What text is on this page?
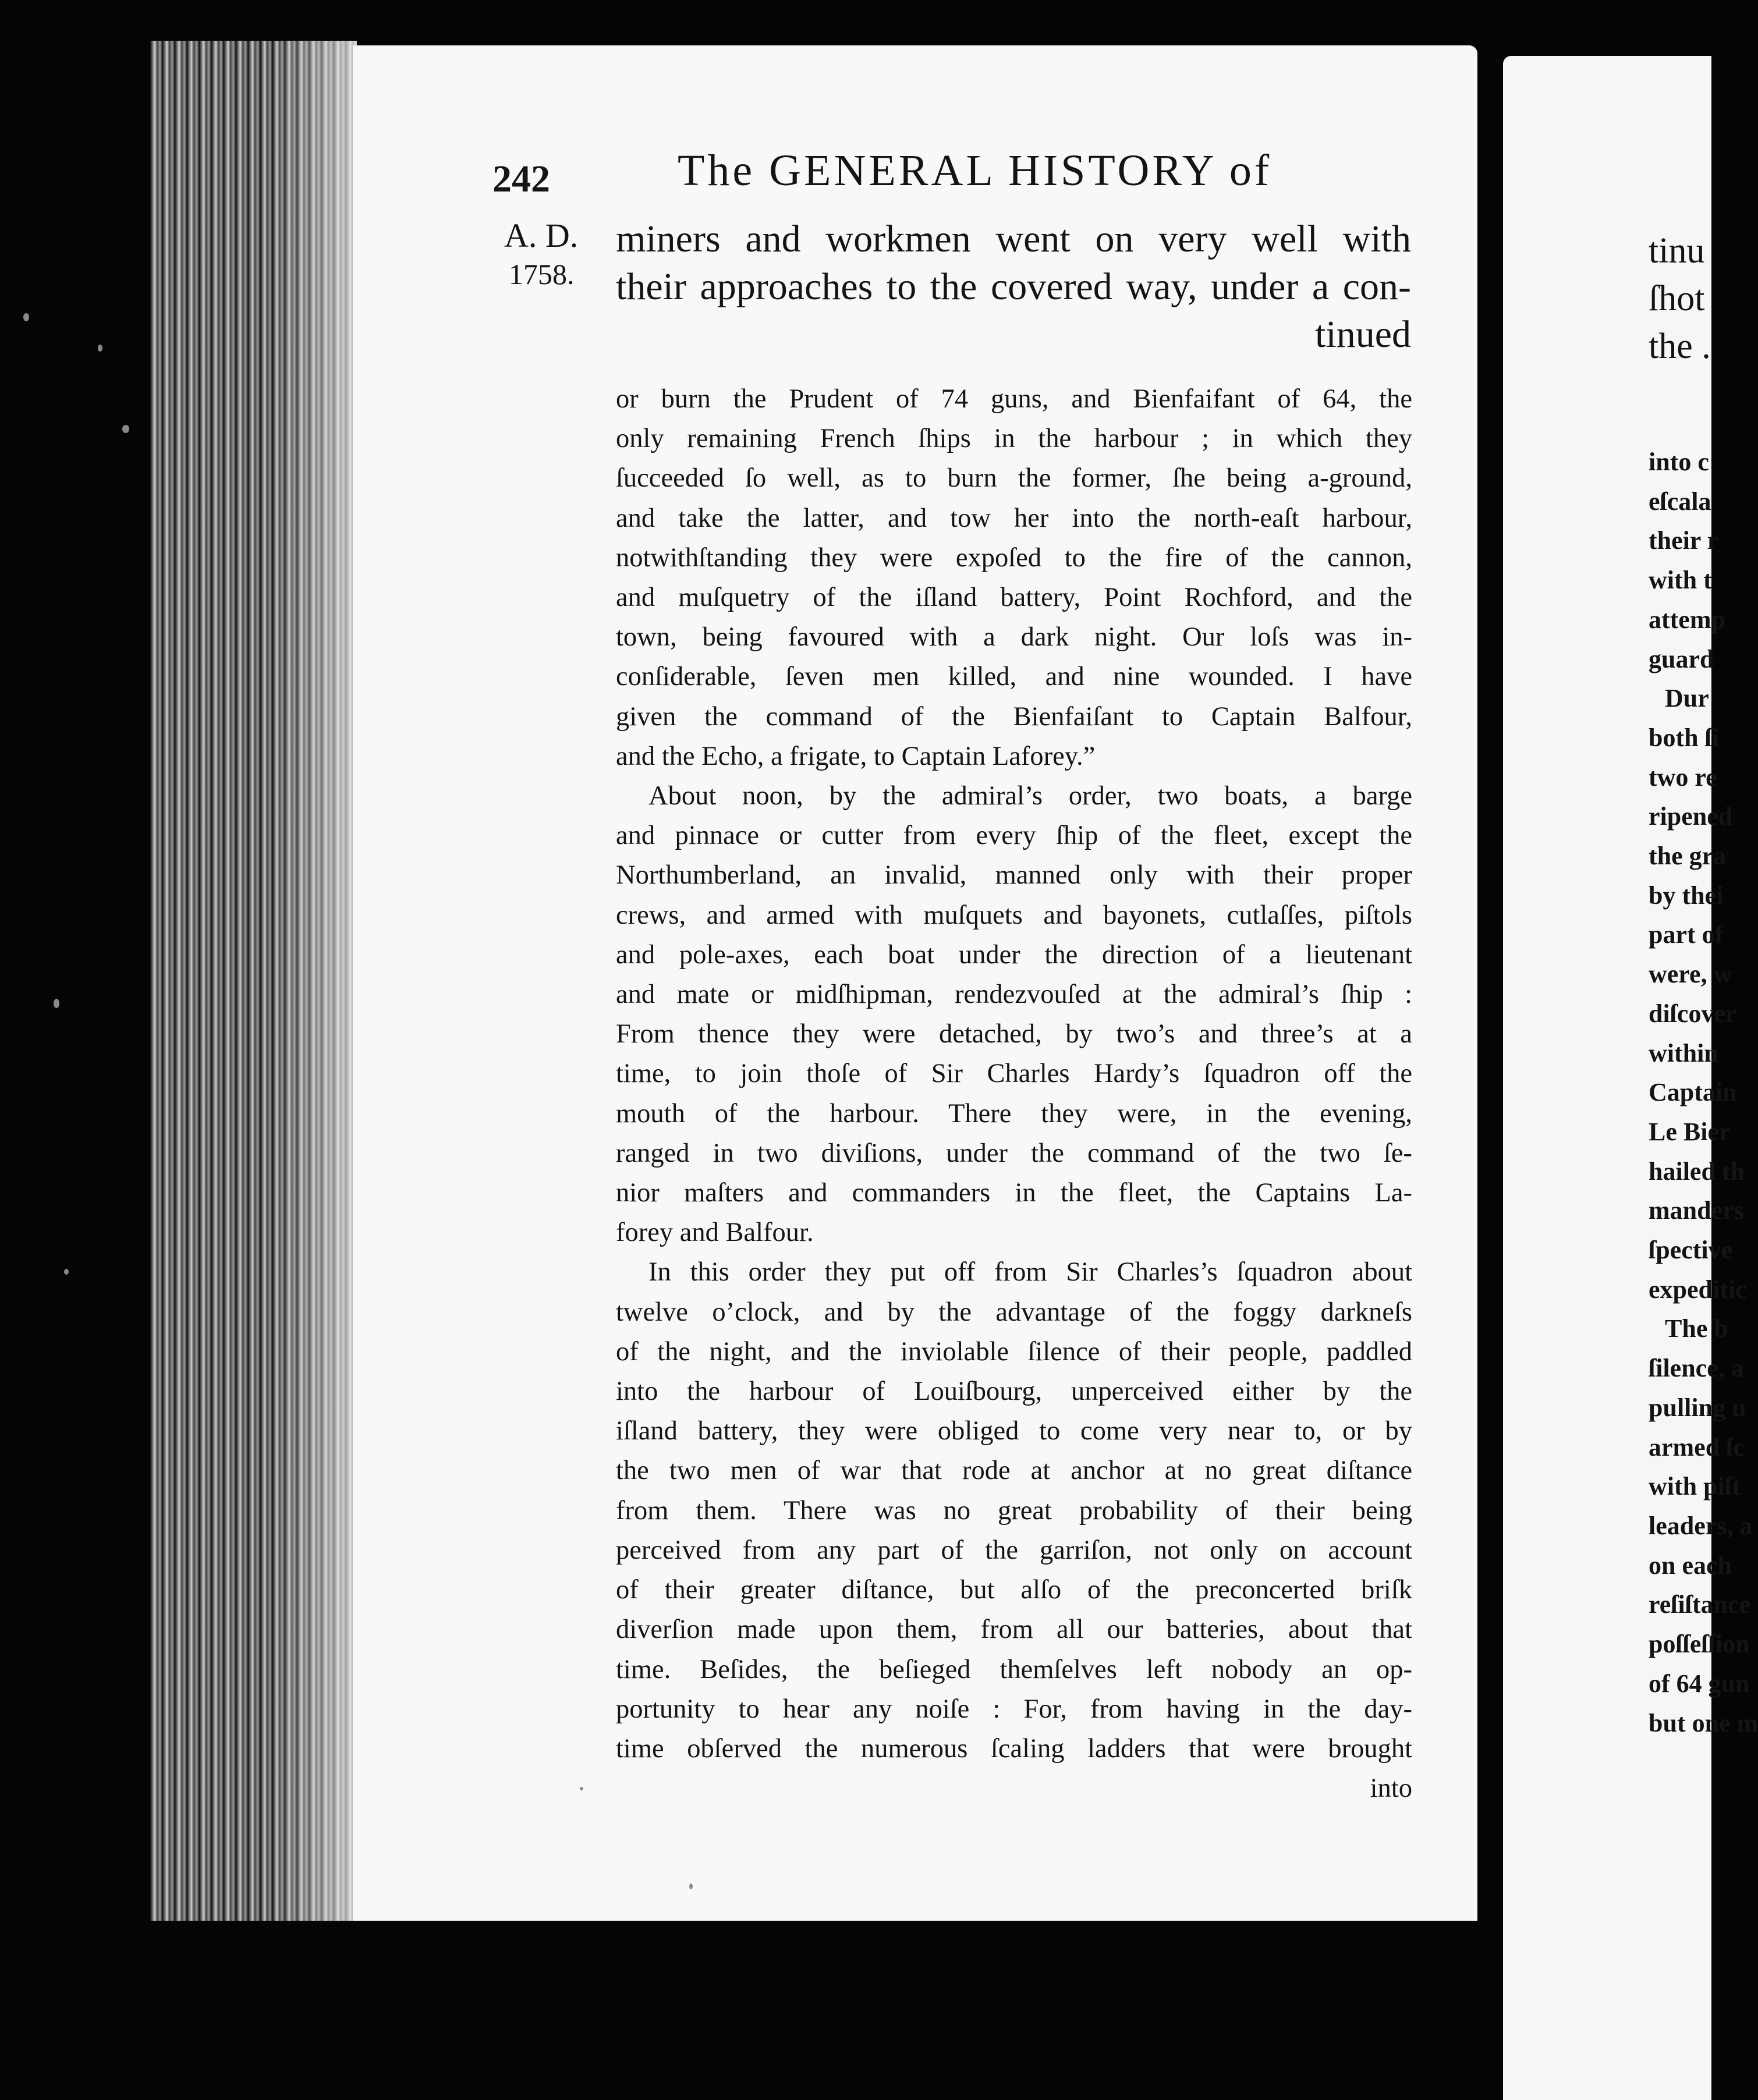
242	The GENERAL HISTORY of
A. D.
1758.
miners and workmen went on very well with
their approaches to the covered way, under a con-
tinued
or burn the Prudent of 74 guns, and Bienfaifant of 64, the
only remaining French ſhips in the harbour ; in which they
ſucceeded ſo well, as to burn the former, ſhe being a-ground,
and take the latter, and tow her into the north-eaſt harbour,
notwithſtanding they were expoſed to the fire of the cannon,
and muſquetry of the iſland battery, Point Rochford, and the
town, being favoured with a dark night. Our loſs was in-
conſiderable, ſeven men killed, and nine wounded. I have
given the command of the Bienfaiſant to Captain Balfour,
and the Echo, a frigate, to Captain Laforey.”
About noon, by the admiral’s order, two boats, a barge
and pinnace or cutter from every ſhip of the fleet, except the
Northumberland, an invalid, manned only with their proper
crews, and armed with muſquets and bayonets, cutlaſſes, piſtols
and pole-axes, each boat under the direction of a lieutenant
and mate or midſhipman, rendezvouſed at the admiral’s ſhip :
From thence they were detached, by two’s and three’s at a
time, to join thoſe of Sir Charles Hardy’s ſquadron off the
mouth of the harbour. There they were, in the evening,
ranged in two diviſions, under the command of the two ſe-
nior maſters and commanders in the fleet, the Captains La-
forey and Balfour.
In this order they put off from Sir Charles’s ſquadron about
twelve o’clock, and by the advantage of the foggy darkneſs
of the night, and the inviolable ſilence of their people, paddled
into the harbour of Louiſbourg, unperceived either by the
iſland battery, they were obliged to come very near to, or by
the two men of war that rode at anchor at no great diſtance
from them. There was no great probability of their being
perceived from any part of the garriſon, not only on account
of their greater diſtance, but alſo of the preconcerted briſk
diverſion made upon them, from all our batteries, about that
time. Beſides, the beſieged themſelves left nobody an op-
portunity to hear any noiſe : For, from having in the day-
time obſerved the numerous ſcaling ladders that were brought
into
tinu
ſhot
the .
into c
eſcala
their r
with t
attemp
guard
Dur
both ſi
two re
ripened
the gra
by thei
part of
were, w
diſcover
within
Captain
Le Bier
hailed th
manders
ſpective
expeditic
The b
ſilence, a
pulling u
armed ſc
with piſt
leaders, a
on each
reſiſtance
poſſeſſion
of 64 gun
but one m
